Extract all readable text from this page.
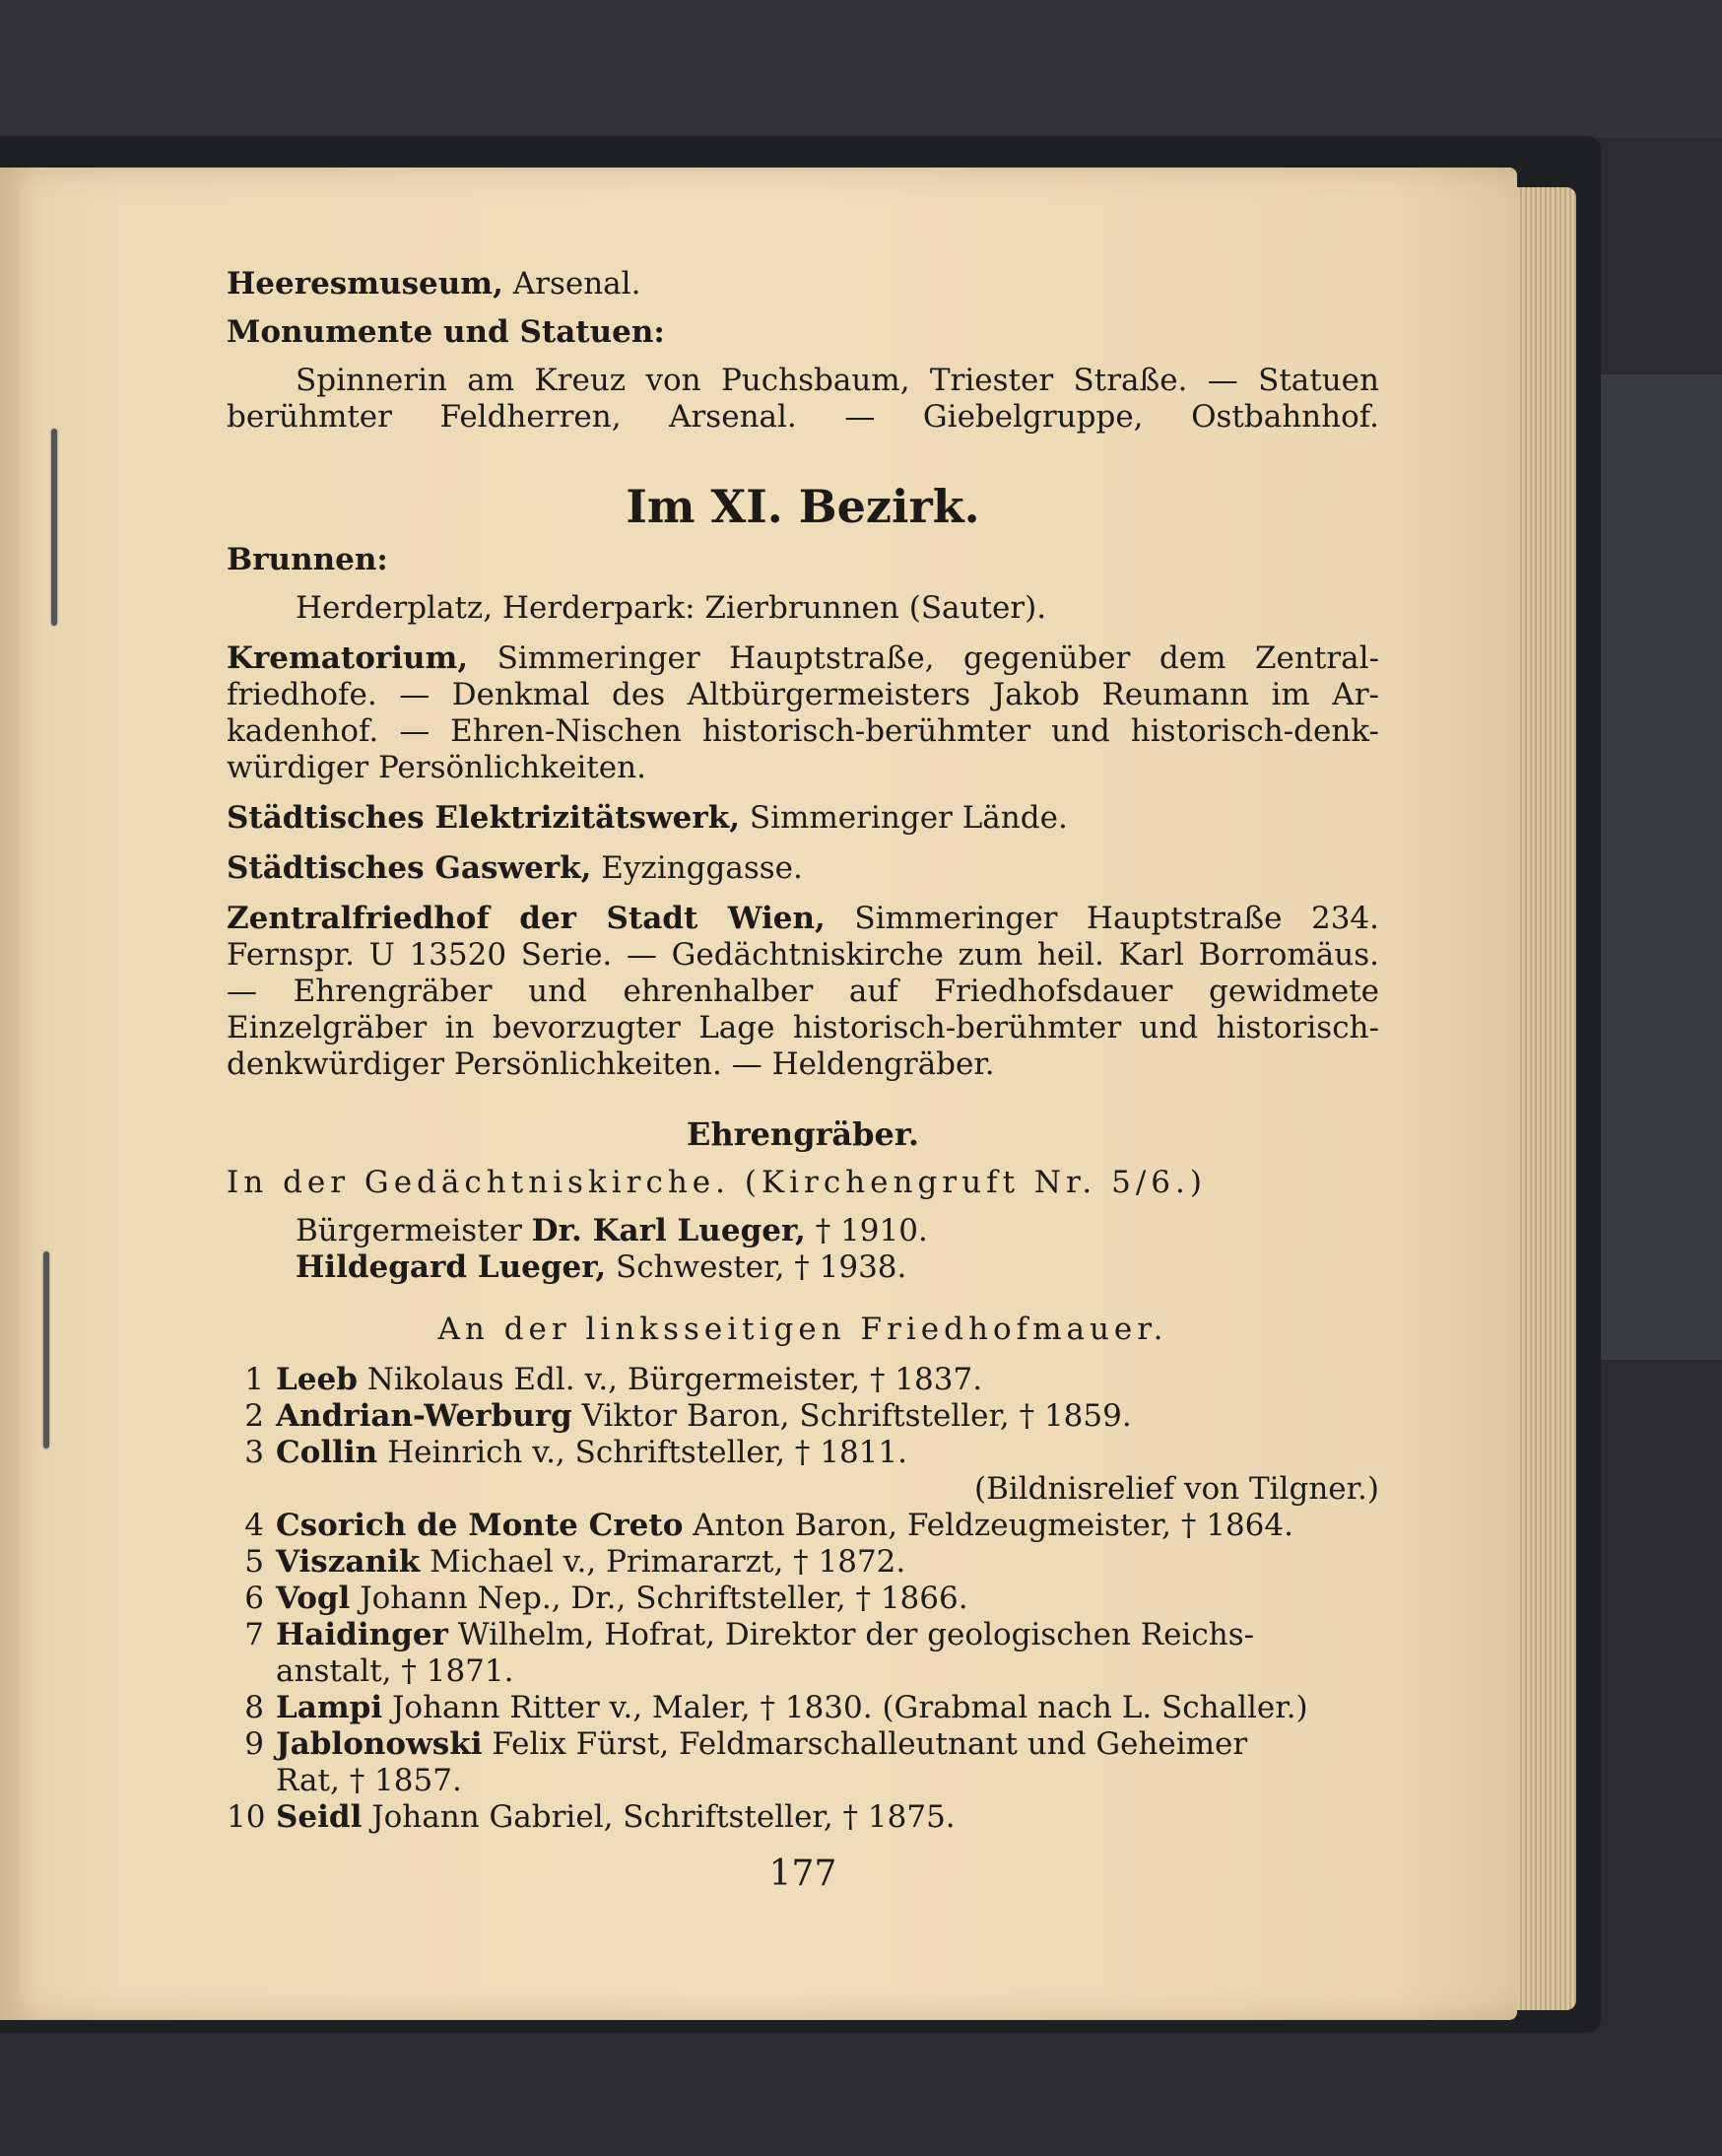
Heeresmuseum, Arsenal.
Monumente und Statuen:
Spinnerin am Kreuz von Puchsbaum, Triester Straße. — Statuen
berühmter Feldherren, Arsenal. — Giebelgruppe, Ostbahnhof.
Im XI. Bezirk.
Brunnen:
Herderplatz, Herderpark: Zierbrunnen (Sauter).
Krematorium, Simmeringer Hauptstraße, gegenüber dem Zentral-
friedhofe. — Denkmal des Altbürgermeisters Jakob Reumann im Ar-
kadenhof. — Ehren-Nischen historisch-berühmter und historisch-denk-
würdiger Persönlichkeiten.
Städtisches Elektrizitätswerk, Simmeringer Lände.
Städtisches Gaswerk, Eyzinggasse.
Zentralfriedhof der Stadt Wien, Simmeringer Hauptstraße 234.
Fernspr. U 13520 Serie. — Gedächtniskirche zum heil. Karl Borromäus.
— Ehrengräber und ehrenhalber auf Friedhofsdauer gewidmete
Einzelgräber in bevorzugter Lage historisch-berühmter und historisch-
denkwürdiger Persönlichkeiten. — Heldengräber.
Ehrengräber.
In der Gedächtniskirche. (Kirchengruft Nr. 5/6.)
Bürgermeister Dr. Karl Lueger, † 1910.
Hildegard Lueger, Schwester, † 1938.
An der linksseitigen Friedhofmauer.
1 Leeb Nikolaus Edl. v., Bürgermeister, † 1837.
2 Andrian-Werburg Viktor Baron, Schriftsteller, † 1859.
3 Collin Heinrich v., Schriftsteller, † 1811.
(Bildnisrelief von Tilgner.)
4 Csorich de Monte Creto Anton Baron, Feldzeugmeister, † 1864.
5 Viszanik Michael v., Primararzt, † 1872.
6 Vogl Johann Nep., Dr., Schriftsteller, † 1866.
7 Haidinger Wilhelm, Hofrat, Direktor der geologischen Reichs-
anstalt, † 1871.
8 Lampi Johann Ritter v., Maler, † 1830. (Grabmal nach L. Schaller.)
9 Jablonowski Felix Fürst, Feldmarschalleutnant und Geheimer
Rat, † 1857.
10 Seidl Johann Gabriel, Schriftsteller, † 1875.
177
